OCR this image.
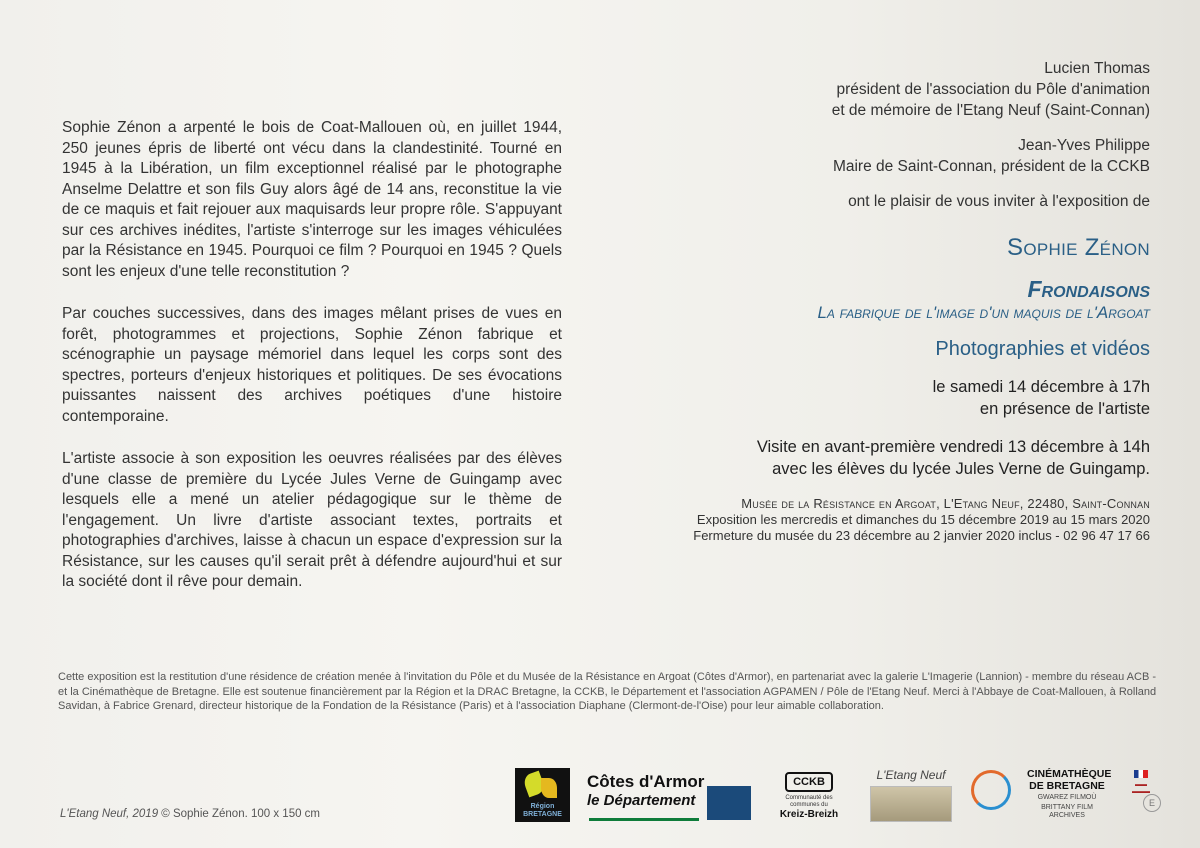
Sophie Zénon a arpenté le bois de Coat-Mallouen où, en juillet 1944, 250 jeunes épris de liberté ont vécu dans la clandestinité. Tourné en 1945 à la Libération, un film exceptionnel réalisé par le photographe Anselme Delattre et son fils Guy alors âgé de 14 ans, reconstitue la vie de ce maquis et fait rejouer aux maquisards leur propre rôle. S'appuyant sur ces archives inédites, l'artiste s'interroge sur les images véhiculées par la Résistance en 1945. Pourquoi ce film ? Pourquoi en 1945 ? Quels sont les enjeux d'une telle reconstitution ?

Par couches successives, dans des images mêlant prises de vues en forêt, photogrammes et projections, Sophie Zénon fabrique et scénographie un paysage mémoriel dans lequel les corps sont des spectres, porteurs d'enjeux historiques et politiques. De ses évocations puissantes naissent des archives poétiques d'une histoire contemporaine.

L'artiste associe à son exposition les oeuvres réalisées par des élèves d'une classe de première du Lycée Jules Verne de Guingamp avec lesquels elle a mené un atelier pédagogique sur le thème de l'engagement. Un livre d'artiste associant textes, portraits et photographies d'archives, laisse à chacun un espace d'expression sur la Résistance, sur les causes qu'il serait prêt à défendre aujourd'hui et sur la société dont il rêve pour demain.

Lucien Thomas
président de l'association du Pôle d'animation
et de mémoire de l'Etang Neuf (Saint-Connan)
Jean-Yves Philippe
Maire de Saint-Connan, président de la CCKB
ont le plaisir de vous inviter à l'exposition de
Sophie Zénon
Frondaisons
La fabrique de l'image d'un maquis de l'Argoat
Photographies et vidéos
le samedi 14 décembre à 17h
en présence de l'artiste
Visite en avant-première vendredi 13 décembre à 14h
avec les élèves du lycée Jules Verne de Guingamp.
Musée de la Résistance en Argoat, L'Etang Neuf, 22480, Saint-Connan
Exposition les mercredis et dimanches du 15 décembre 2019 au 15 mars 2020
Fermeture du musée du 23 décembre au 2 janvier 2020 inclus - 02 96 47 17 66
Cette exposition est la restitution d'une résidence de création menée à l'invitation du Pôle et du Musée de la Résistance en Argoat (Côtes d'Armor), en partenariat avec la galerie L'Imagerie (Lannion) - membre du réseau ACB - et la Cinémathèque de Bretagne. Elle est soutenue financièrement par la Région et la DRAC Bretagne, la CCKB, le Département et l'association AGPAMEN / Pôle de l'Etang Neuf. Merci à l'Abbaye de Coat-Mallouen, à Rolland Savidan, à Fabrice Grenard, directeur historique de la Fondation de la Résistance (Paris) et à l'association Diaphane (Clermont-de-l'Oise) pour leur aimable collaboration.
L'Etang Neuf, 2019 © Sophie Zénon. 100 x 150 cm
Région BRETAGNE
Côtes d'Armor
le Département
CCKB
Communauté des communes du
Kreiz-Breizh
L'Etang Neuf	CINÉMATHÈQUE
DE BRETAGNE
GWAREZ FILMOÙ
BRITTANY FILM ARCHIVES
▬▬
▬▬▬
E
